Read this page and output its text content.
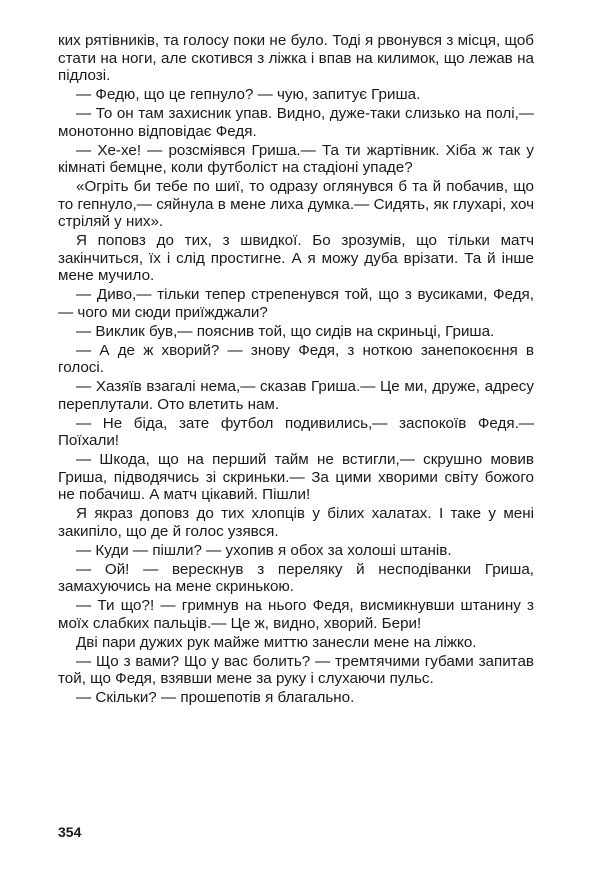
ких рятівників, та голосу поки не було. Тоді я рвонувся з місця, щоб стати на ноги, але скотився з ліжка і впав на килимок, що лежав на підлозі.

— Федю, що це гепнуло? — чую, запитує Гриша.

— То он там захисник упав. Видно, дуже-таки слизько на полі,— монотонно відповідає Федя.

— Хе-хе! — розсміявся Гриша.— Та ти жартівник. Хіба ж так у кімнаті бемцне, коли футболіст на стадіоні упаде?

«Огріть би тебе по шиї, то одразу оглянувся б та й побачив, що то гепнуло,— сяйнула в мене лиха думка.— Сидять, як глухарі, хоч стріляй у них».

Я поповз до тих, з швидкої. Бо зрозумів, що тільки матч закінчиться, їх і слід простигне. А я можу дуба врізати. Та й інше мене мучило.

— Диво,— тільки тепер стрепенувся той, що з вусиками, Федя,— чого ми сюди приїжджали?

— Виклик був,— пояснив той, що сидів на скриньці, Гриша.

— А де ж хворий? — знову Федя, з ноткою занепокоєння в голосі.

— Хазяїв взагалі нема,— сказав Гриша.— Це ми, друже, адресу переплутали. Ото влетить нам.

— Не біда, зате футбол подивились,— заспокоїв Федя.— Поїхали!

— Шкода, що на перший тайм не встигли,— скрушно мовив Гриша, підводячись зі скриньки.— За цими хворими світу божого не побачиш. А матч цікавий. Пішли!

Я якраз доповз до тих хлопців у білих халатах. І таке у мені закипіло, що де й голос узявся.

— Куди — пішли? — ухопив я обох за холоші штанів.

— Ой! — верескнув з переляку й несподіванки Гриша, замахуючись на мене скринькою.

— Ти що?! — гримнув на нього Федя, висмикнувши штанину з моїх слабких пальців.— Це ж, видно, хворий. Бери!

Дві пари дужих рук майже миттю занесли мене на ліжко.

— Що з вами? Що у вас болить? — тремтячими губами запитав той, що Федя, взявши мене за руку і слухаючи пульс.

— Скільки? — прошепотів я благально.

354
